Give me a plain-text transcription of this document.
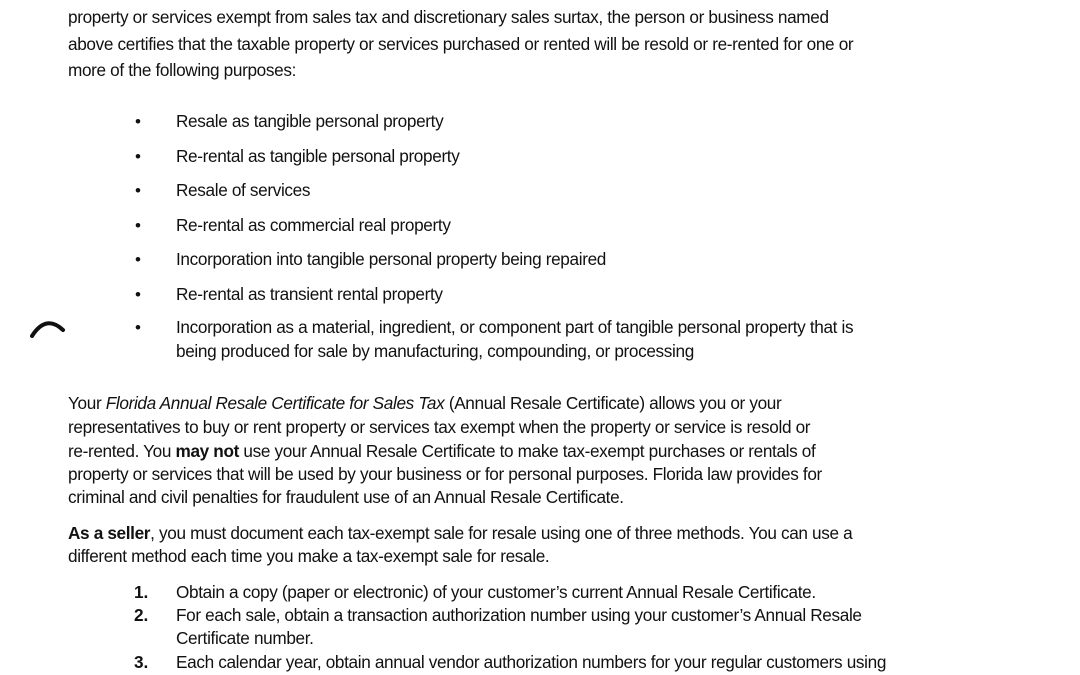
property or services exempt from sales tax and discretionary sales surtax, the person or business named
above certifies that the taxable property or services purchased or rented will be resold or re-rented for one or
more of the following purposes:
• Resale as tangible personal property
• Re-rental as tangible personal property
• Resale of services
• Re-rental as commercial real property
• Incorporation into tangible personal property being repaired
• Re-rental as transient rental property
• Incorporation as a material, ingredient, or component part of tangible personal property that is
being produced for sale by manufacturing, compounding, or processing
Your Florida Annual Resale Certificate for Sales Tax (Annual Resale Certificate) allows you or your
representatives to buy or rent property or services tax exempt when the property or service is resold or
re-rented. You may not use your Annual Resale Certificate to make tax-exempt purchases or rentals of
property or services that will be used by your business or for personal purposes. Florida law provides for
criminal and civil penalties for fraudulent use of an Annual Resale Certificate.
As a seller, you must document each tax-exempt sale for resale using one of three methods. You can use a
different method each time you make a tax-exempt sale for resale.
1. Obtain a copy (paper or electronic) of your customer’s current Annual Resale Certificate.
2. For each sale, obtain a transaction authorization number using your customer’s Annual Resale
Certificate number.
3. Each calendar year, obtain annual vendor authorization numbers for your regular customers using
